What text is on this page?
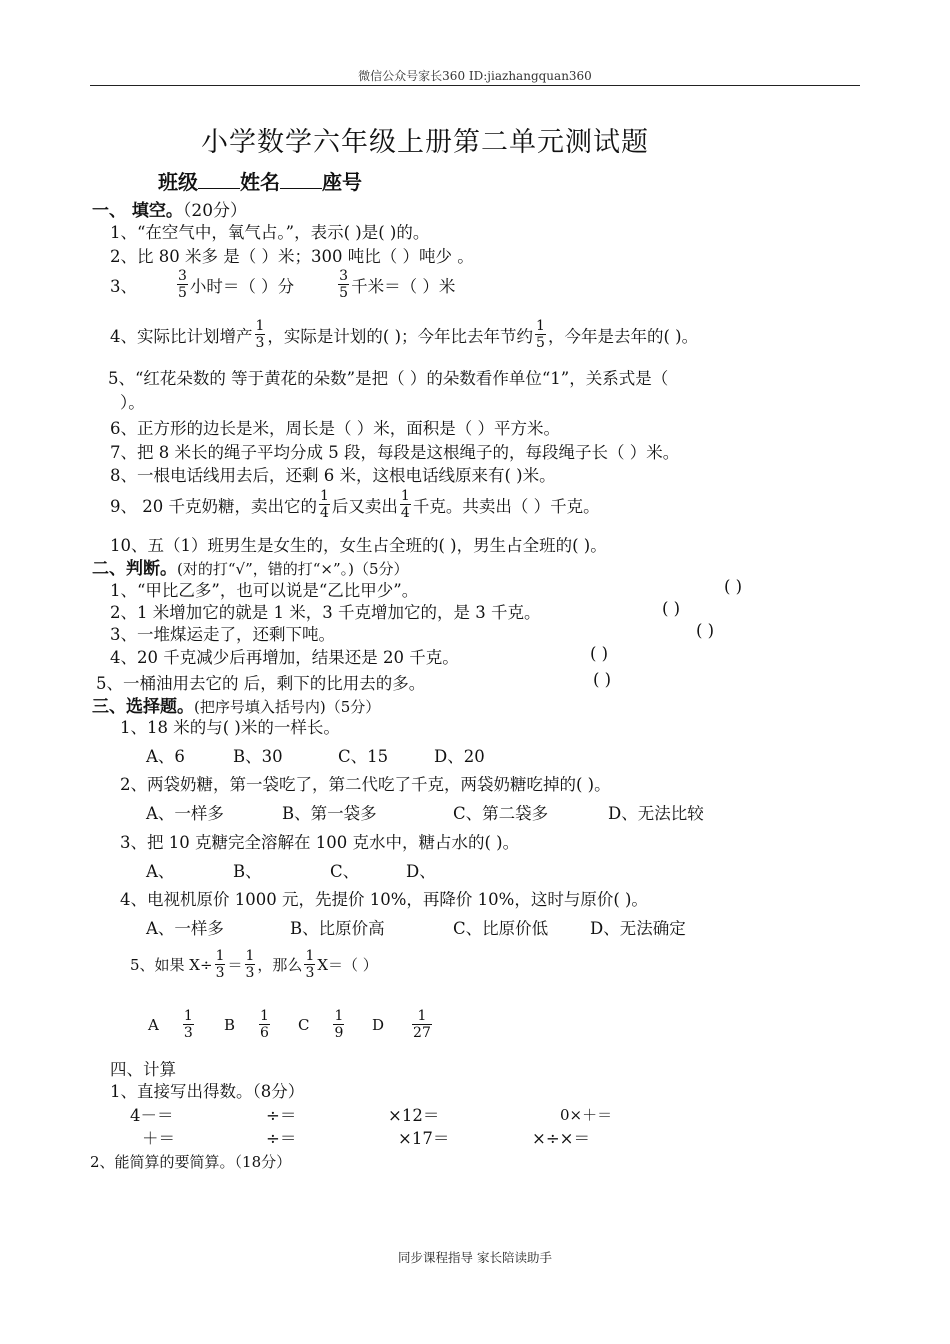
微信公众号家长360 ID:jiazhangquan360
小学数学六年级上册第二单元测试题
班级 姓名 座号
一、 填空。（20分）
1、“在空气中，氧气占。”，表示( )是( )的。
2、比 80 米多 是（ ）米；300 吨比（ ）吨少 。
3、	$\frac{3}{5}$ 小时＝（ ）分	$\frac{3}{5}$ 千米＝（ ）米
4、实际比计划增产 $\frac{1}{3}$ ，实际是计划的( )；今年比去年节约 $\frac{1}{5}$ ，今年是去年的( )。
5、“红花朵数的 等于黄花的朵数”是把（ ）的朵数看作单位“1”，关系式是（
）。
6、正方形的边长是米，周长是（ ）米，面积是（ ）平方米。
7、把 8 米长的绳子平均分成 5 段，每段是这根绳子的，每段绳子长（ ）米。
8、一根电话线用去后，还剩 6 米，这根电话线原来有( )米。
9、 20 千克奶糖，卖出它的 $\frac{1}{4}$ 后又卖出 $\frac{1}{4}$ 千克。共卖出（ ）千克。
10、五（1）班男生是女生的，女生占全班的( )，男生占全班的( )。
二、判断。(对的打“√”，错的打“×”。)（5分）
1、“甲比乙多”，也可以说是“乙比甲少”。	( )
2、1 米增加它的就是 1 米，3 千克增加它的，是 3 千克。	( )
3、一堆煤运走了，还剩下吨。	( )
4、20 千克减少后再增加，结果还是 20 千克。	( )
5、一桶油用去它的 后，剩下的比用去的多。	( )
三、选择题。(把序号填入括号内)（5分）
1、18 米的与( )米的一样长。
A、6	B、30	C、15	D、20
2、两袋奶糖，第一袋吃了，第二代吃了千克，两袋奶糖吃掉的( )。
A、一样多	B、第一袋多	C、第二袋多	D、无法比较
3、把 10 克糖完全溶解在 100 克水中，糖占水的( )。
A、	B、	C、	D、
4、电视机原价 1000 元，先提价 10%，再降价 10%，这时与原价( )。
A、一样多	B、比原价高	C、比原价低	D、无法确定
5、如果 $X\div \frac{1}{3} = \frac{1}{3}$ ，那么 $\frac{1}{3} X=$（ ）
A $\frac{1}{3}$ B $\frac{1}{6}$ C $\frac{1}{9}$ D $\frac{1}{27}$
四、计算
1、直接写出得数。（8分）
4－＝	÷＝	×12＝	0×＋＝
＋＝	÷＝	×17＝	×÷×＝
2、能简算的要简算。（18分）
同步课程指导 家长陪读助手
